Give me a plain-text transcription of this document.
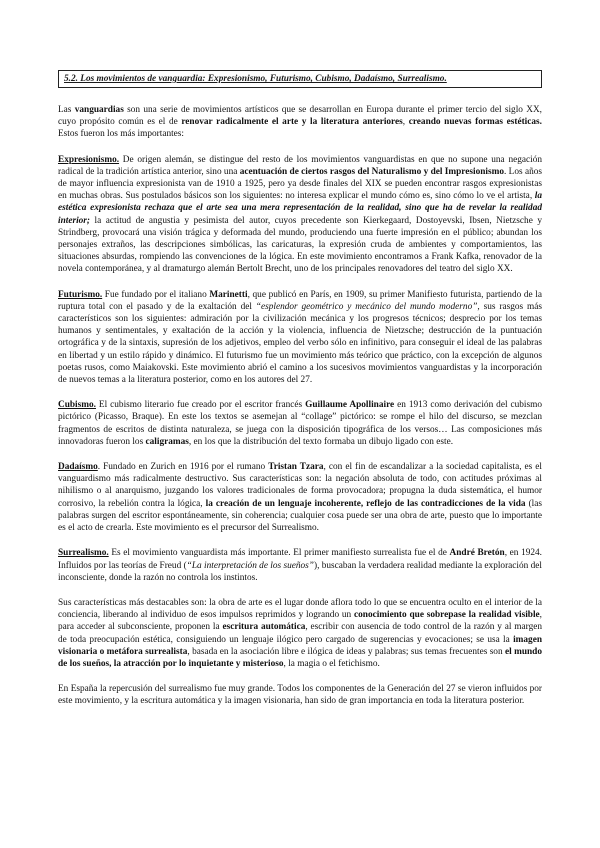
5.2. Los movimientos de vanguardia: Expresionismo, Futurismo, Cubismo, Dadaísmo, Surrealismo.

Las vanguardias son una serie de movimientos artísticos que se desarrollan en Europa durante el primer tercio del siglo XX, cuyo propósito común es el de renovar radicalmente el arte y la literatura anteriores, creando nuevas formas estéticas. Estos fueron los más importantes:

Expresionismo. De origen alemán, se distingue del resto de los movimientos vanguardistas en que no supone una negación radical de la tradición artística anterior, sino una acentuación de ciertos rasgos del Naturalismo y del Impresionismo. Los años de mayor influencia expresionista van de 1910 a 1925, pero ya desde finales del XIX se pueden encontrar rasgos expresionistas en muchas obras. Sus postulados básicos son los siguientes: no interesa explicar el mundo cómo es, sino cómo lo ve el artista, la estética expresionista rechaza que el arte sea una mera representación de la realidad, sino que ha de revelar la realidad interior; la actitud de angustia y pesimista del autor, cuyos precedente son Kierkegaard, Dostoyevski, Ibsen, Nietzsche y Strindberg, provocará una visión trágica y deformada del mundo, produciendo una fuerte impresión en el público; abundan los personajes extraños, las descripciones simbólicas, las caricaturas, la expresión cruda de ambientes y comportamientos, las situaciones absurdas, rompiendo las convenciones de la lógica. En este movimiento encontramos a Frank Kafka, renovador de la novela contemporánea, y al dramaturgo alemán Bertolt Brecht, uno de los principales renovadores del teatro del siglo XX.

Futurismo. Fue fundado por el italiano Marinetti, que publicó en París, en 1909, su primer Manifiesto futurista, partiendo de la ruptura total con el pasado y de la exaltación del “esplendor geométrico y mecánico del mundo moderno”, sus rasgos más característicos son los siguientes: admiración por la civilización mecánica y los progresos técnicos; desprecio por los temas humanos y sentimentales, y exaltación de la acción y la violencia, influencia de Nietzsche; destrucción de la puntuación ortográfica y de la sintaxis, supresión de los adjetivos, empleo del verbo sólo en infinitivo, para conseguir el ideal de las palabras en libertad y un estilo rápido y dinámico. El futurismo fue un movimiento más teórico que práctico, con la excepción de algunos poetas rusos, como Maiakovski. Este movimiento abrió el camino a los sucesivos movimientos vanguardistas y la incorporación de nuevos temas a la literatura posterior, como en los autores del 27.

Cubismo. El cubismo literario fue creado por el escritor francés Guillaume Apollinaire en 1913 como derivación del cubismo pictórico (Picasso, Braque). En este los textos se asemejan al “collage” pictórico: se rompe el hilo del discurso, se mezclan fragmentos de escritos de distinta naturaleza, se juega con la disposición tipográfica de los versos… Las composiciones más innovadoras fueron los caligramas, en los que la distribución del texto formaba un dibujo ligado con este.

Dadaísmo. Fundado en Zurich en 1916 por el rumano Tristan Tzara, con el fin de escandalizar a la sociedad capitalista, es el vanguardismo más radicalmente destructivo. Sus características son: la negación absoluta de todo, con actitudes próximas al nihilismo o al anarquismo, juzgando los valores tradicionales de forma provocadora; propugna la duda sistemática, el humor corrosivo, la rebelión contra la lógica, la creación de un lenguaje incoherente, reflejo de las contradicciones de la vida (las palabras surgen del escritor espontáneamente, sin coherencia; cualquier cosa puede ser una obra de arte, puesto que lo importante es el acto de crearla. Este movimiento es el precursor del Surrealismo.

Surrealismo. Es el movimiento vanguardista más importante. El primer manifiesto surrealista fue el de André Bretón, en 1924. Influidos por las teorías de Freud (“La interpretación de los sueños”), buscaban la verdadera realidad mediante la exploración del inconsciente, donde la razón no controla los instintos.

Sus características más destacables son: la obra de arte es el lugar donde aflora todo lo que se encuentra oculto en el interior de la conciencia, liberando al individuo de esos impulsos reprimidos y logrando un conocimiento que sobrepase la realidad visible, para acceder al subconsciente, proponen la escritura automática, escribir con ausencia de todo control de la razón y al margen de toda preocupación estética, consiguiendo un lenguaje ilógico pero cargado de sugerencias y evocaciones; se usa la imagen visionaria o metáfora surrealista, basada en la asociación libre e ilógica de ideas y palabras; sus temas frecuentes son el mundo de los sueños, la atracción por lo inquietante y misterioso, la magia o el fetichismo.

En España la repercusión del surrealismo fue muy grande. Todos los componentes de la Generación del 27 se vieron influidos por este movimiento, y la escritura automática y la imagen visionaria, han sido de gran importancia en toda la literatura posterior.
